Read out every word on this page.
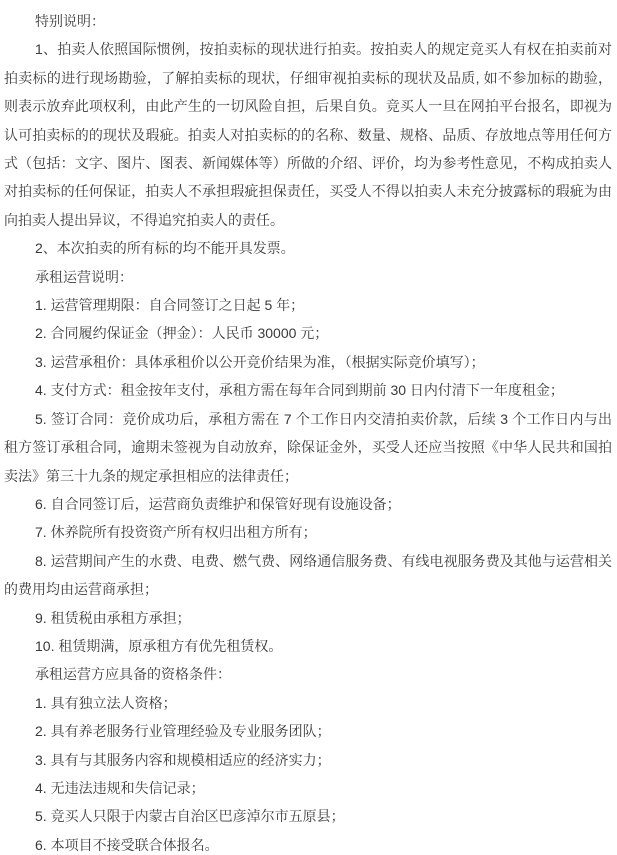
特别说明：

1、拍卖人依照国际惯例，按拍卖标的现状进行拍卖。按拍卖人的规定竞买人有权在拍卖前对拍卖标的进行现场勘验，了解拍卖标的现状，仔细审视拍卖标的现状及品质, 如不参加标的勘验，则表示放弃此项权利，由此产生的一切风险自担，后果自负。竞买人一旦在网拍平台报名，即视为认可拍卖标的的现状及瑕疵。拍卖人对拍卖标的的名称、数量、规格、品质、存放地点等用任何方式（包括：文字、图片、图表、新闻媒体等）所做的介绍、评价，均为参考性意见，不构成拍卖人对拍卖标的任何保证，拍卖人不承担瑕疵担保责任，买受人不得以拍卖人未充分披露标的瑕疵为由向拍卖人提出异议，不得追究拍卖人的责任。

2、本次拍卖的所有标的均不能开具发票。

承租运营说明：

1. 运营管理期限：自合同签订之日起 5 年；

2. 合同履约保证金（押金）：人民币 30000 元；

3. 运营承租价：具体承租价以公开竞价结果为准，（根据实际竞价填写）；

4. 支付方式：租金按年支付，承租方需在每年合同到期前 30 日内付清下一年度租金；

5. 签订合同：竞价成功后，承租方需在 7 个工作日内交清拍卖价款，后续 3 个工作日内与出租方签订承租合同，逾期未签视为自动放弃，除保证金外，买受人还应当按照《中华人民共和国拍卖法》第三十九条的规定承担相应的法律责任；

6. 自合同签订后，运营商负责维护和保管好现有设施设备；

7. 休养院所有投资资产所有权归出租方所有；

8. 运营期间产生的水费、电费、燃气费、网络通信服务费、有线电视服务费及其他与运营相关的费用均由运营商承担；

9. 租赁税由承租方承担；

10. 租赁期满，原承租方有优先租赁权。

承租运营方应具备的资格条件：

1. 具有独立法人资格；

2. 具有养老服务行业管理经验及专业服务团队；

3. 具有与其服务内容和规模相适应的经济实力；

4. 无违法违规和失信记录；

5. 竞买人只限于内蒙古自治区巴彦淖尔市五原县；

6. 本项目不接受联合体报名。
